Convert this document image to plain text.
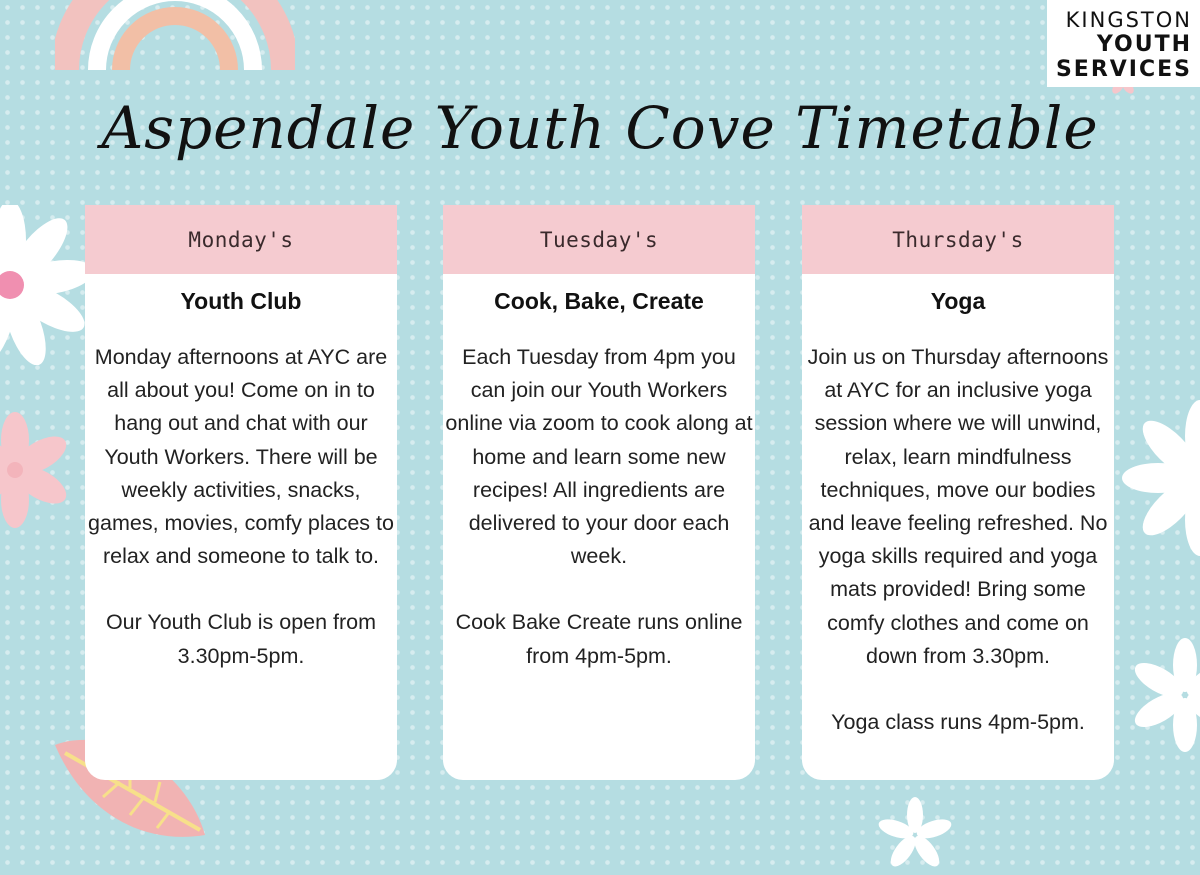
KINGSTON
YOUTH
SERVICES
Aspendale Youth Cove Timetable
Monday's
Youth Club
Monday afternoons at AYC are all about you! Come on in to hang out and chat with our Youth Workers. There will be weekly activities, snacks, games, movies, comfy places to relax and someone to talk to.
Our Youth Club is open from 3.30pm-5pm.
Tuesday's
Cook, Bake, Create
Each Tuesday from 4pm you can join our Youth Workers online via zoom to cook along at home and learn some new recipes! All ingredients are delivered to your door each week.
Cook Bake Create runs online from 4pm-5pm.
Thursday's
Yoga
Join us on Thursday afternoons at AYC for an inclusive yoga session where we will unwind, relax, learn mindfulness techniques, move our bodies and leave feeling refreshed. No yoga skills required and yoga mats provided! Bring some comfy clothes and come on down from 3.30pm.
Yoga class runs 4pm-5pm.
